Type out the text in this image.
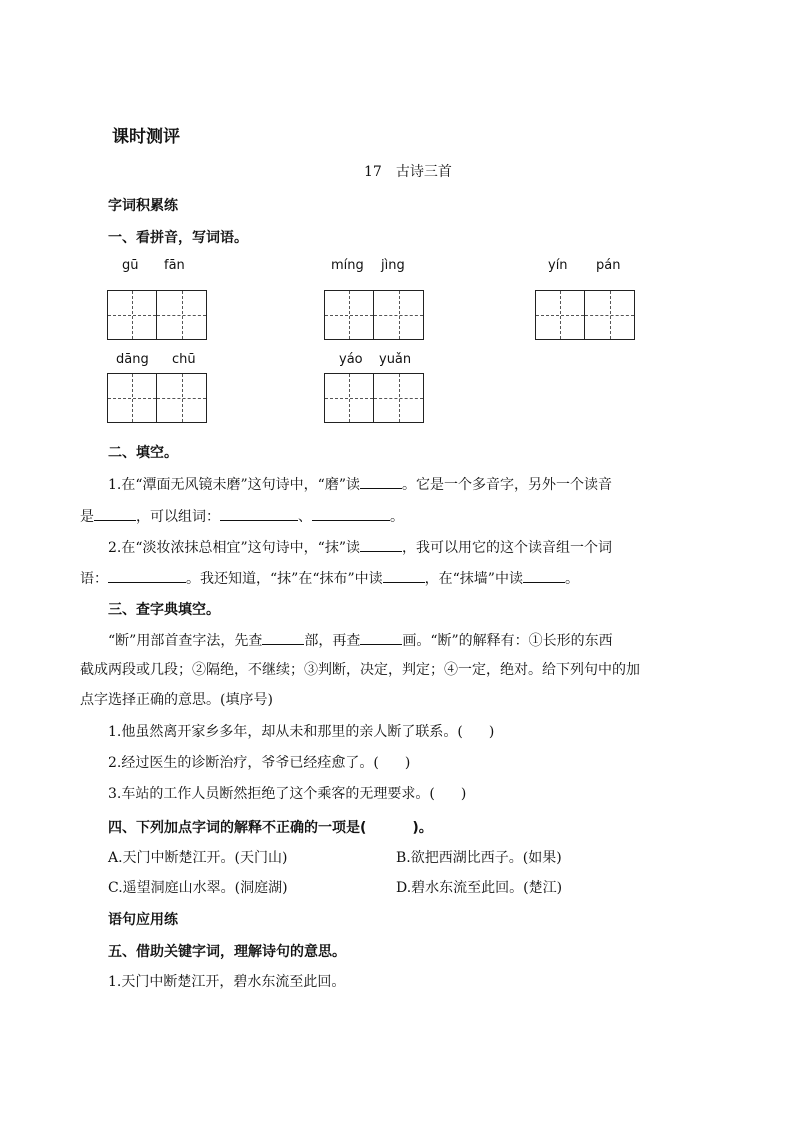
课时测评
17 古诗三首
字词积累练
一、看拼音，写词语。
gū fān	míng jìng	yín pán
dāng chū	yáo yuǎn
二、填空。
1.在“潭面无风镜未磨”这句诗中，“磨”读	。它是一个多音字，另外一个读音
是	，可以组词：	、	。
2.在“淡妆浓抹总相宜”这句诗中，“抹”读	，我可以用它的这个读音组一个词
语：	。我还知道，“抹”在“抹布”中读	，在“抹墙”中读	。
三、查字典填空。
“断”用部首查字法，先查	部，再查	画。“断”的解释有：①长形的东西
截成两段或几段；②隔绝，不继续；③判断，决定，判定；④一定，绝对。给下列句中的加
点字选择正确的意思。(填序号)
1.他虽然离开家乡多年，却从未和那里的亲人断了联系。( )
2.经过医生的诊断治疗，爷爷已经痊愈了。( )
3.车站的工作人员断然拒绝了这个乘客的无理要求。( )
四、下列加点字词的解释不正确的一项是(	)。
A.天门中断楚江开。(天门山)	B.欲把西湖比西子。(如果)
C.遥望洞庭山水翠。(洞庭湖)	D.碧水东流至此回。(楚江)
语句应用练
五、借助关键字词，理解诗句的意思。
1.天门中断楚江开，碧水东流至此回。
